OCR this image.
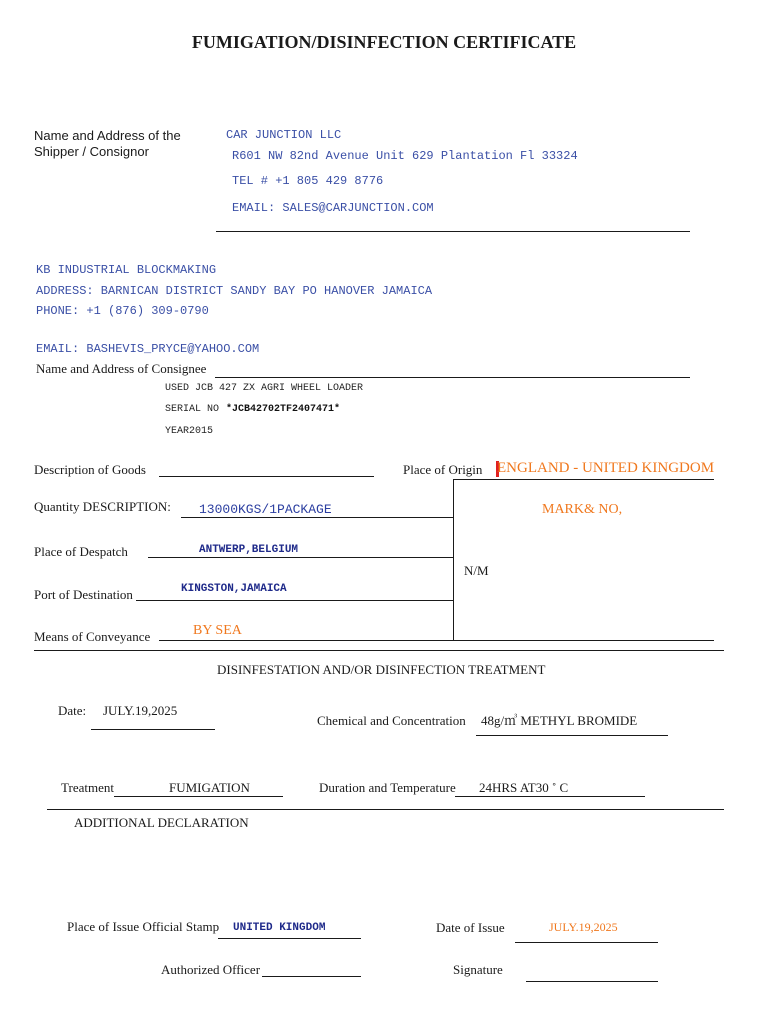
FUMIGATION/DISINFECTION CERTIFICATE
Name and Address of the
Shipper / Consignor
CAR JUNCTION LLC
R601 NW 82nd Avenue Unit 629 Plantation Fl 33324
TEL # +1 805 429 8776
EMAIL: SALES@CARJUNCTION.COM
KB INDUSTRIAL BLOCKMAKING
ADDRESS: BARNICAN DISTRICT SANDY BAY PO HANOVER JAMAICA
PHONE: +1 (876) 309-0790
EMAIL: BASHEVIS_PRYCE@YAHOO.COM
Name and Address of Consignee
USED JCB 427 ZX AGRI WHEEL LOADER
SERIAL NO *JCB42702TF2407471*
YEAR2015
Description of Goods	Place of Origin ENGLAND - UNITED KINGDOM
Quantity DESCRIPTION: 13000KGS/1PACKAGE	MARK& NO,
N/M
Place of Despatch	ANTWERP,BELGIUM
Port of Destination	KINGSTON,JAMAICA
Means of Conveyance	BY SEA
DISINFESTATION AND/OR DISINFECTION TREATMENT
Date: JULY.19,2025
Chemical and Concentration 48g/㎥ METHYL BROMIDE
Treatment	FUMIGATION	Duration and Temperature 24HRS AT30 ˚ C
ADDITIONAL DECLARATION
Place of Issue Official Stamp UNITED KINGDOM	Date of Issue	JULY.19,2025
Authorized Officer	Signature
